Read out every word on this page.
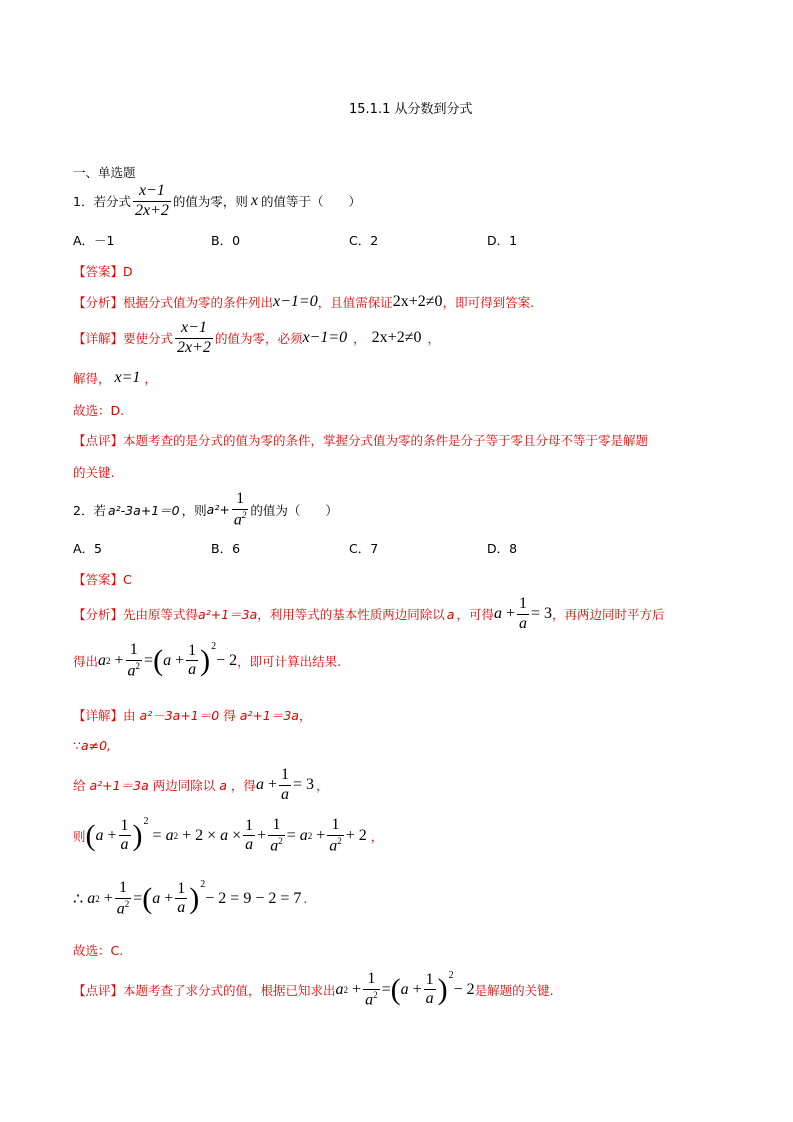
15.1.1 从分数到分式
一、单选题
1．若分式 $\frac{x-1}{2x+2}$ 的值为零，则 x 的值等于（　　）
A．－1	B．0	C．2	D．1
【答案】D
【分析】 根据分式值为零的条件列出 x−1=0 ，且值需保证 2x+2≠0 ，即可得到答案.
【详解】 要使分式 $\frac{x-1}{2x+2}$ 的值为零，必须 x−1=0 ， 2x+2≠0 ，
解得， x=1 ，
故选：D.
【点评】本题考查的是分式的值为零的条件，掌握分式值为零的条件是分子等于零且分母不等于零是解题
的关键.
2．若 a²-3a+1＝0 ，则 $a^2+ \frac{1}{a^2}$ 的值为（　　）
A．5	B．6	C．7	D．8
【答案】C
【分析】 先由原等式得 a²+1＝3a ，利用等式的基本性质两边同除以 a ，可得 $a + \frac{1}{a} = 3$ ，再两边同时平方后
得出 a $2 + \frac{1}{a^2}$ = ( $a + \frac{1}{a}$ ) 2
− 2 ，即可计算出结果.
【详解】 由 a²－3a+1＝0 得 a²+1＝3a ，
∵a≠0,
给 a²+1＝3a 两边同除以 a ，得 $a + \frac{1}{a} = 3$ ，
则 ( $a + \frac{1}{a}$ ) 2
= a $2 + 2 \times a \times \frac{1}{a} + \frac{1}{a^2} = a$ $2 + \frac{1}{a^2} + 2$ ，
∴
a $2 + \frac{1}{a^2}$ = ( $a + \frac{1}{a}$ ) 2
− 2 = 9 − 2 = 7 .
故选：C.
【点评】 本题考查了求分式的值，根据已知求出 a $2 + \frac{1}{a^2}$ = ( $a + \frac{1}{a}$ ) 2
− 2 是解题的关键.
